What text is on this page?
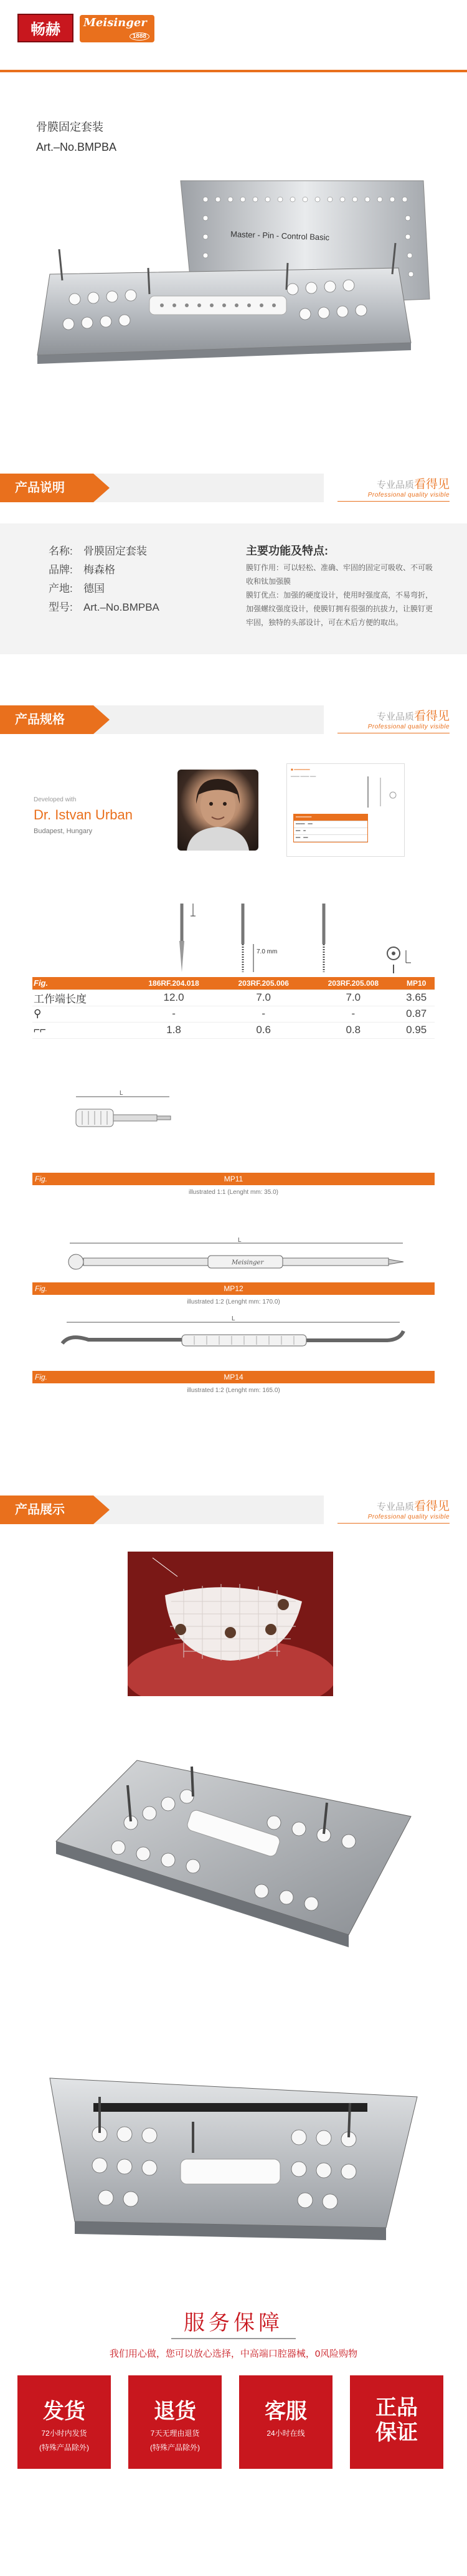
畅赫	Meisinger
1888
骨膜固定套装
Art.–No.BMPBA
Master - Pin - Control Basic
产品说明	专业品质看得见
Professional quality visible
名称: 骨膜固定套装
品牌: 梅森格
产地: 德国
型号: Art.–No.BMPBA
主要功能及特点:
膜钉作用：可以轻松、准确、牢固的固定可吸收、不可吸收和钛加强膜
膜钉优点：加强的硬度设计，使用时强度高，不易弯折，加强螺纹强度设计，使膜钉拥有很强的抗拔力，让膜钉更牢固，独特的头部设计，可在术后方便的取出。
产品规格	专业品质看得见
Professional quality visible
Developed with
Dr. Istvan Urban
Budapest, Hungary
■ ━━━━━━━
▁▁▁ ▁▁▁ ▁▁
━━━━━━━
━━━━   ━━
━━   ━
━━   ━━
7.0 mm
Fig.	186RF.204.018	203RF.205.006	203RF.205.008	MP10
工作端长度	12.0	7.0	7.0	3.65
⚲	-	-	-	0.87
⌐⌐	1.8	0.6	0.8	0.95
L
Fig.	MP11
illustrated 1:1 (Lenght mm: 35.0)
L
Meisinger
Fig.	MP12
illustrated 1:2 (Lenght mm: 170.0)
L
Fig.	MP14
illustrated 1:2 (Lenght mm: 165.0)
产品展示	专业品质看得见
Professional quality visible
服务保障
我们用心做，您可以放心选择，中高端口腔器械，0风险购物
发货
72小时内发货
(特殊产品除外)
退货
7天无理由退货
(特殊产品除外)
客服
24小时在线
正品
保证
